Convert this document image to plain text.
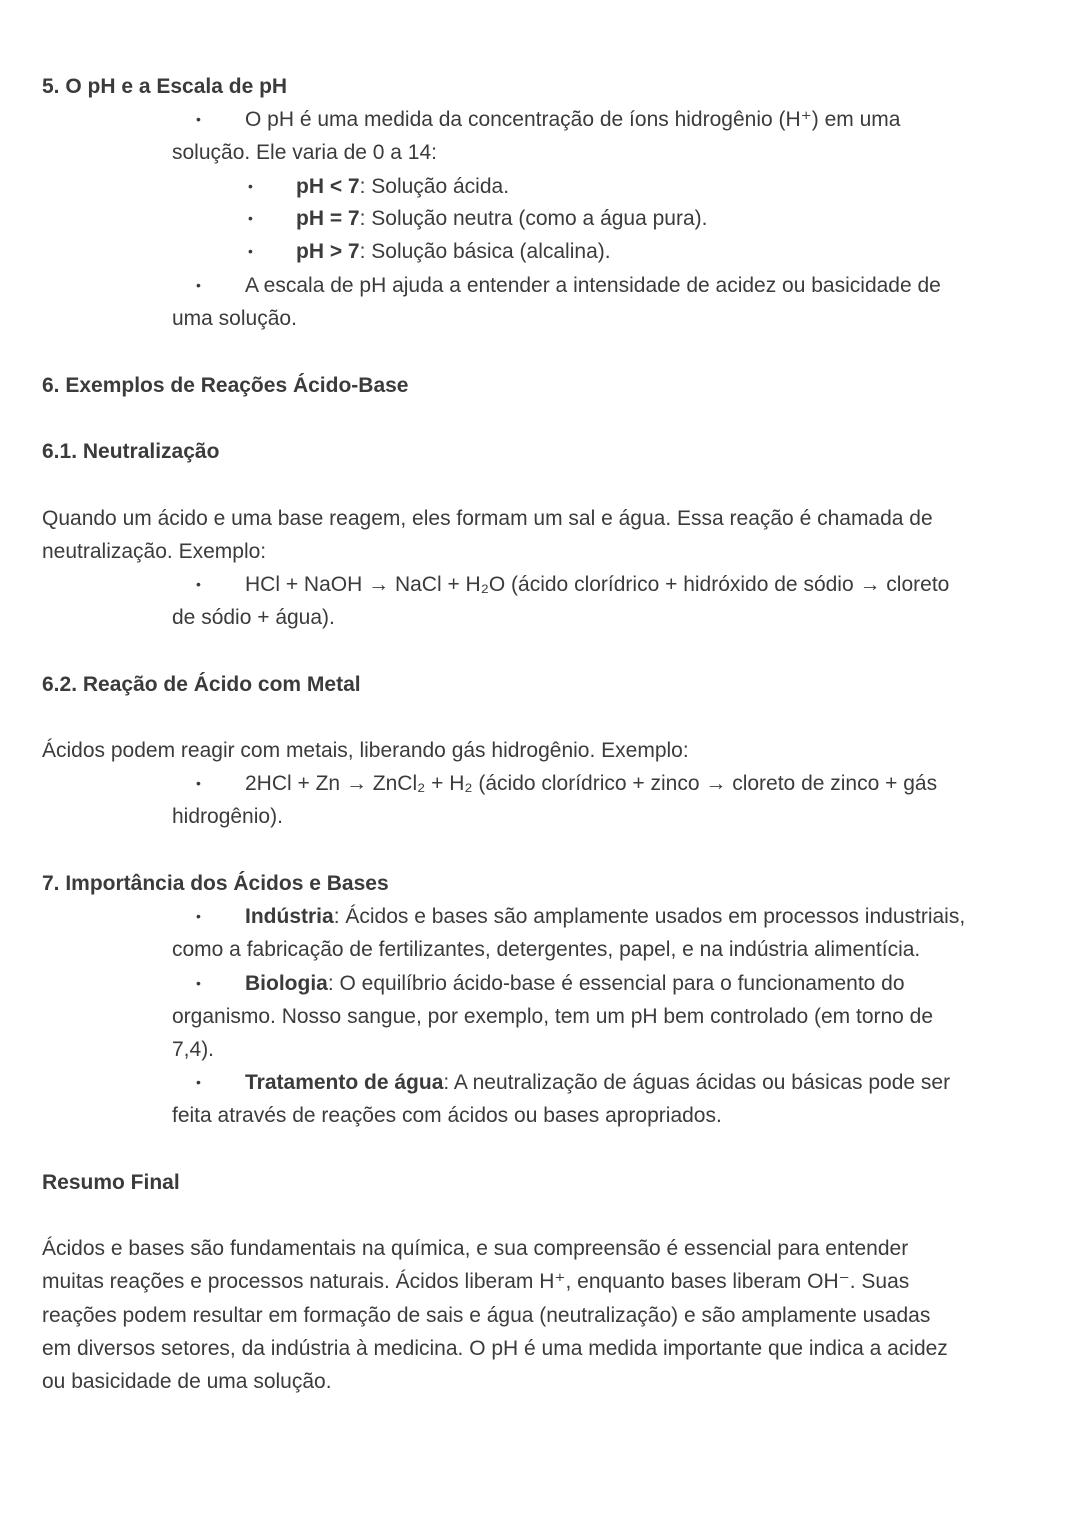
5. O pH e a Escala de pH
• O pH é uma medida da concentração de íons hidrogênio (H⁺) em uma
solução. Ele varia de 0 a 14:
• pH < 7: Solução ácida.
• pH = 7: Solução neutra (como a água pura).
• pH > 7: Solução básica (alcalina).
• A escala de pH ajuda a entender a intensidade de acidez ou basicidade de
uma solução.
6. Exemplos de Reações Ácido-Base
6.1. Neutralização
Quando um ácido e uma base reagem, eles formam um sal e água. Essa reação é chamada de
neutralização. Exemplo:
• HCl + NaOH → NaCl + H₂O (ácido clorídrico + hidróxido de sódio → cloreto
de sódio + água).
6.2. Reação de Ácido com Metal
Ácidos podem reagir com metais, liberando gás hidrogênio. Exemplo:
• 2HCl + Zn → ZnCl₂ + H₂ (ácido clorídrico + zinco → cloreto de zinco + gás
hidrogênio).
7. Importância dos Ácidos e Bases
• Indústria: Ácidos e bases são amplamente usados em processos industriais,
como a fabricação de fertilizantes, detergentes, papel, e na indústria alimentícia.
• Biologia: O equilíbrio ácido-base é essencial para o funcionamento do
organismo. Nosso sangue, por exemplo, tem um pH bem controlado (em torno de
7,4).
• Tratamento de água: A neutralização de águas ácidas ou básicas pode ser
feita através de reações com ácidos ou bases apropriados.
Resumo Final
Ácidos e bases são fundamentais na química, e sua compreensão é essencial para entender
muitas reações e processos naturais. Ácidos liberam H⁺, enquanto bases liberam OH⁻. Suas
reações podem resultar em formação de sais e água (neutralização) e são amplamente usadas
em diversos setores, da indústria à medicina. O pH é uma medida importante que indica a acidez
ou basicidade de uma solução.
